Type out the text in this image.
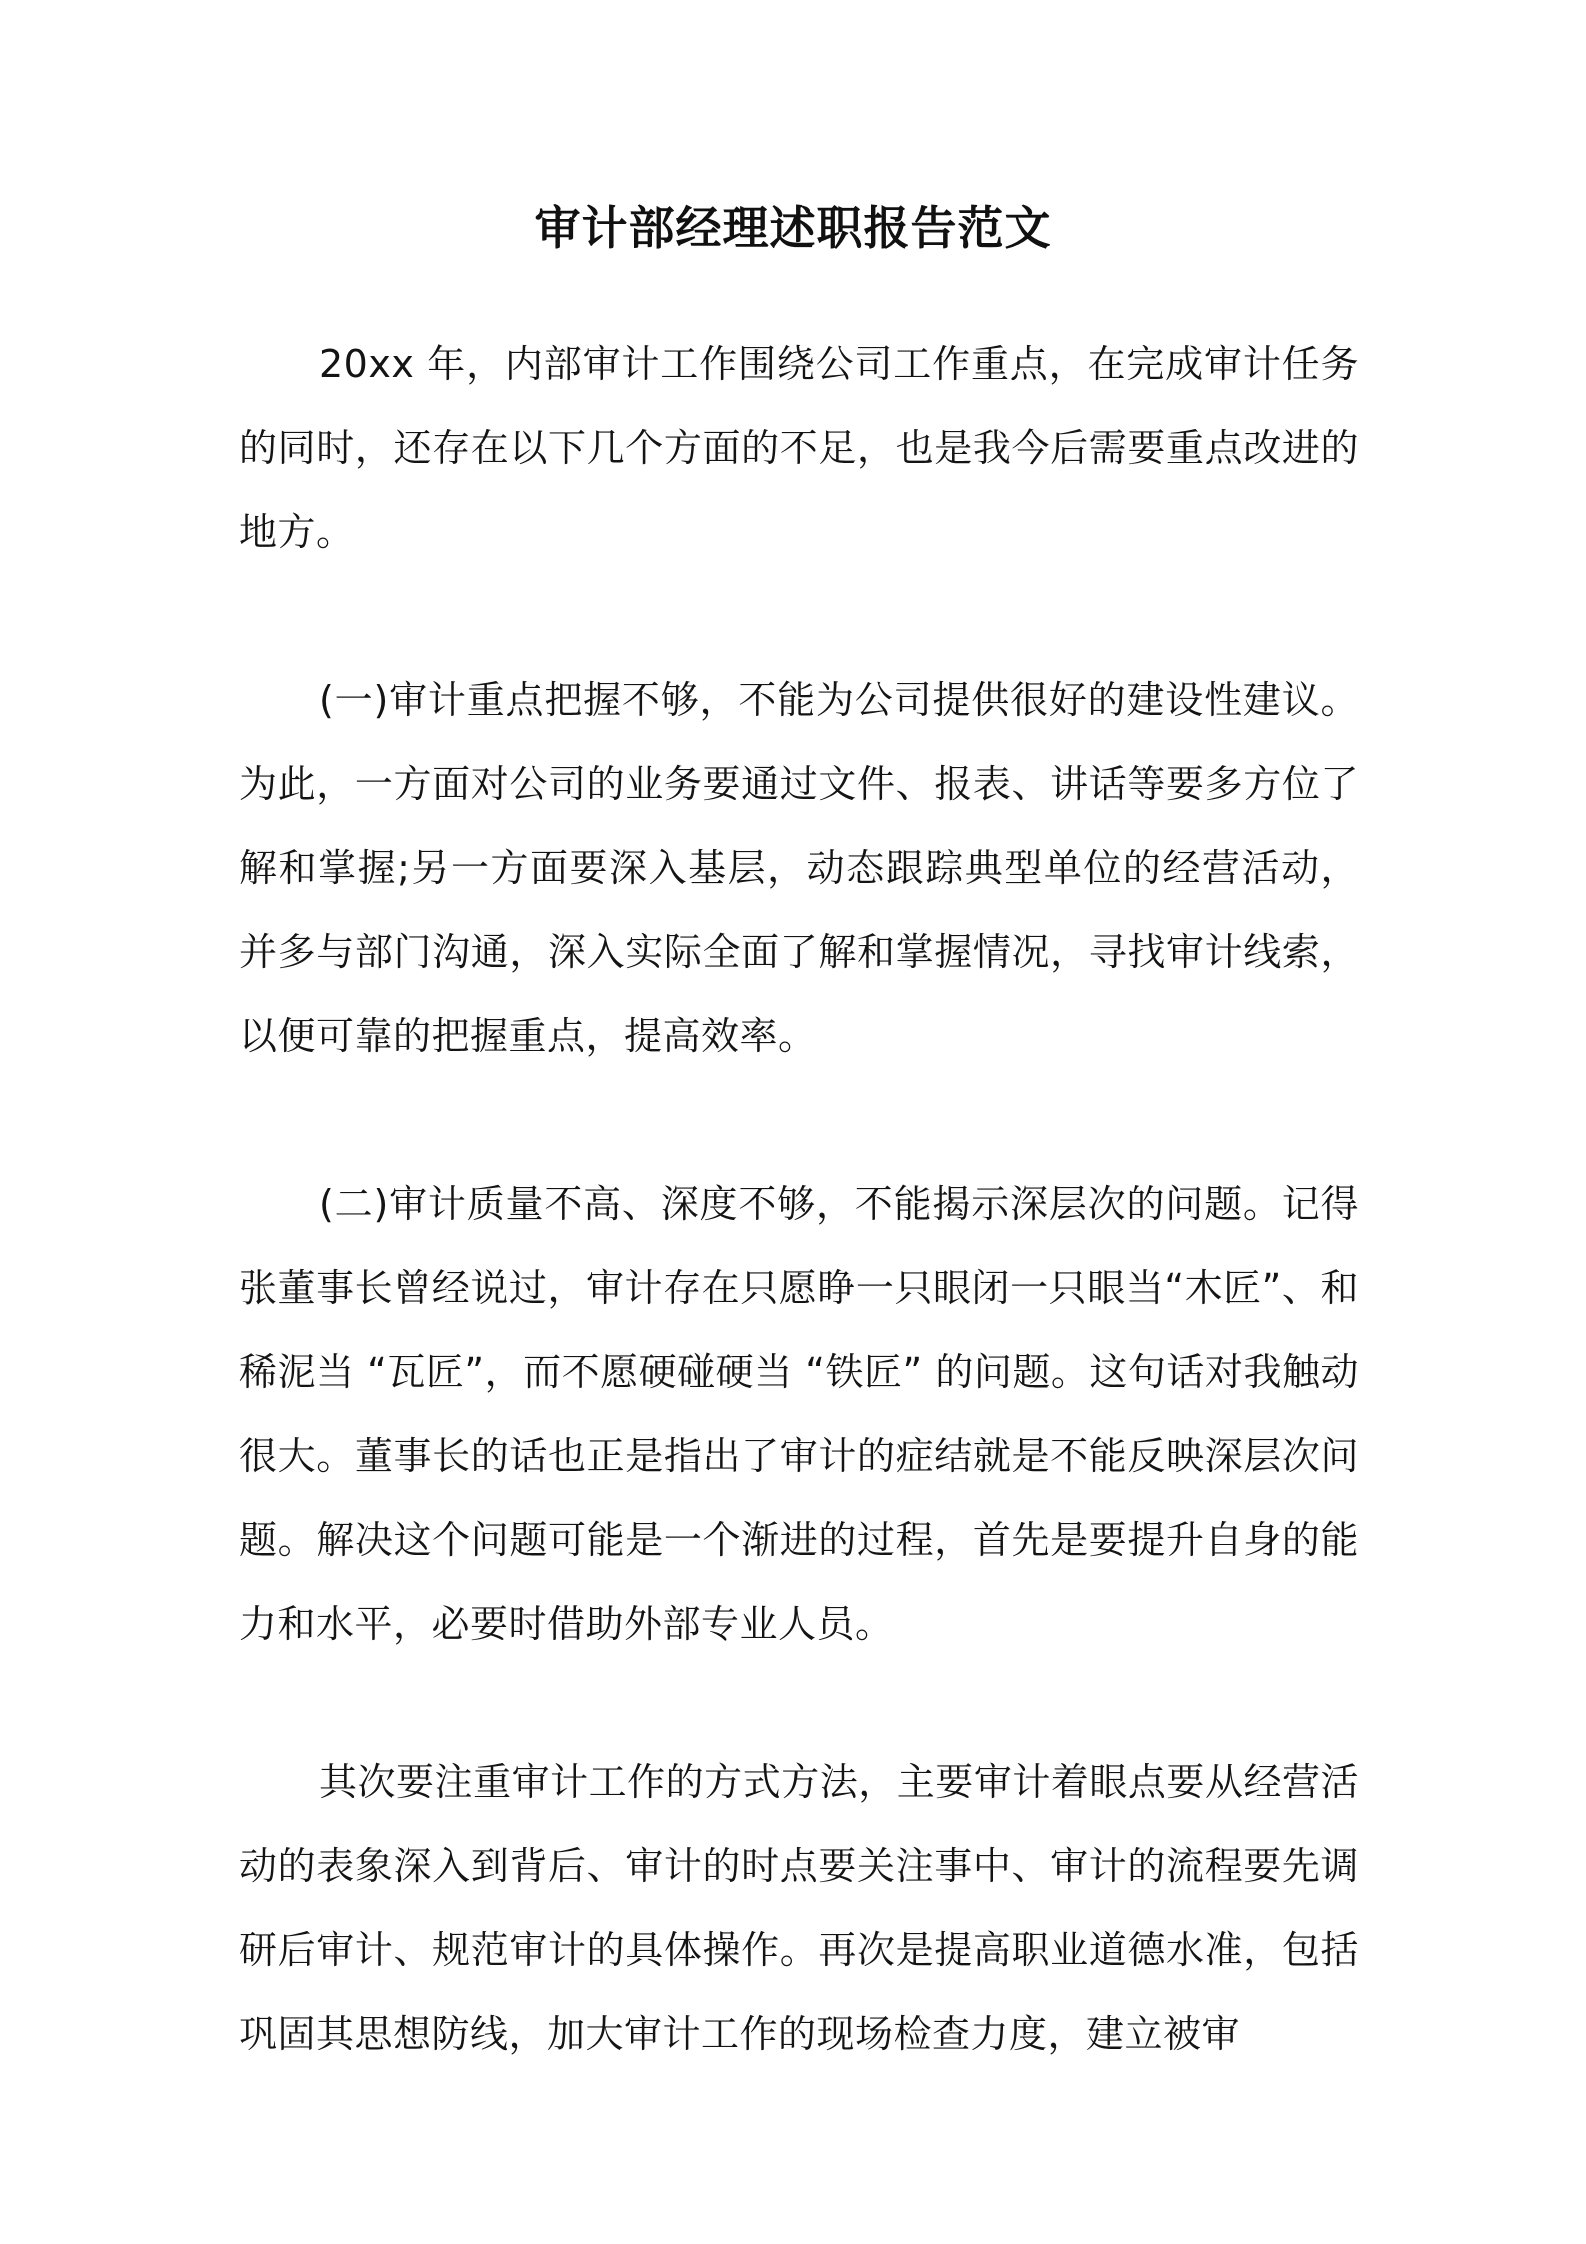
审计部经理述职报告范文

20xx 年，内部审计工作围绕公司工作重点，在完成审计任务的同时，还存在以下几个方面的不足，也是我今后需要重点改进的地方。

(一)审计重点把握不够，不能为公司提供很好的建设性建议。为此，一方面对公司的业务要通过文件、报表、讲话等要多方位了解和掌握;另一方面要深入基层，动态跟踪典型单位的经营活动，并多与部门沟通，深入实际全面了解和掌握情况，寻找审计线索，以便可靠的把握重点，提高效率。

(二)审计质量不高、深度不够，不能揭示深层次的问题。记得张董事长曾经说过，审计存在只愿睁一只眼闭一只眼当“木匠”、和稀泥当 “瓦匠”，而不愿硬碰硬当 “铁匠” 的问题。这句话对我触动很大。董事长的话也正是指出了审计的症结就是不能反映深层次问题。解决这个问题可能是一个渐进的过程，首先是要提升自身的能力和水平，必要时借助外部专业人员。

其次要注重审计工作的方式方法，主要审计着眼点要从经营活动的表象深入到背后、审计的时点要关注事中、审计的流程要先调研后审计、规范审计的具体操作。再次是提高职业道德水准，包括巩固其思想防线，加大审计工作的现场检查力度，建立被审
